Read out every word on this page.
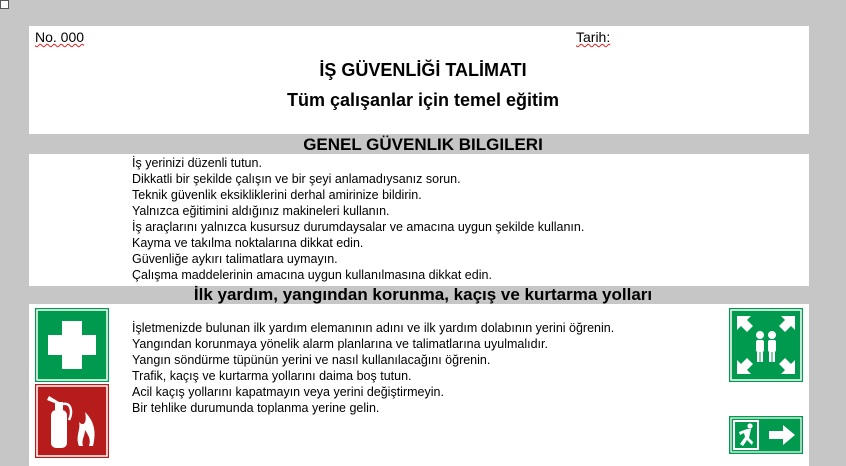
No. 000	Tarih:
İŞ GÜVENLİĞİ TALİMATI
Tüm çalışanlar için temel eğitim
GENEL GÜVENLIK BILGILERI
İş yerinizi düzenli tutun.
Dikkatli bir şekilde çalışın ve bir şeyi anlamadıysanız sorun.
Teknik güvenlik eksikliklerini derhal amirinize bildirin.
Yalnızca eğitimini aldığınız makineleri kullanın.
İş araçlarını yalnızca kusursuz durumdaysalar ve amacına uygun şekilde kullanın.
Kayma ve takılma noktalarına dikkat edin.
Güvenliğe aykırı talimatlara uymayın.
Çalışma maddelerinin amacına uygun kullanılmasına dikkat edin.
İlk yardım, yangından korunma, kaçış ve kurtarma yolları
İşletmenizde bulunan ilk yardım elemanının adını ve ilk yardım dolabının yerini öğrenin.
Yangından korunmaya yönelik alarm planlarına ve talimatlarına uyulmalıdır.
Yangın söndürme tüpünün yerini ve nasıl kullanılacağını öğrenin.
Trafik, kaçış ve kurtarma yollarını daima boş tutun.
Acil kaçış yollarını kapatmayın veya yerini değiştirmeyin.
Bir tehlike durumunda toplanma yerine gelin.
